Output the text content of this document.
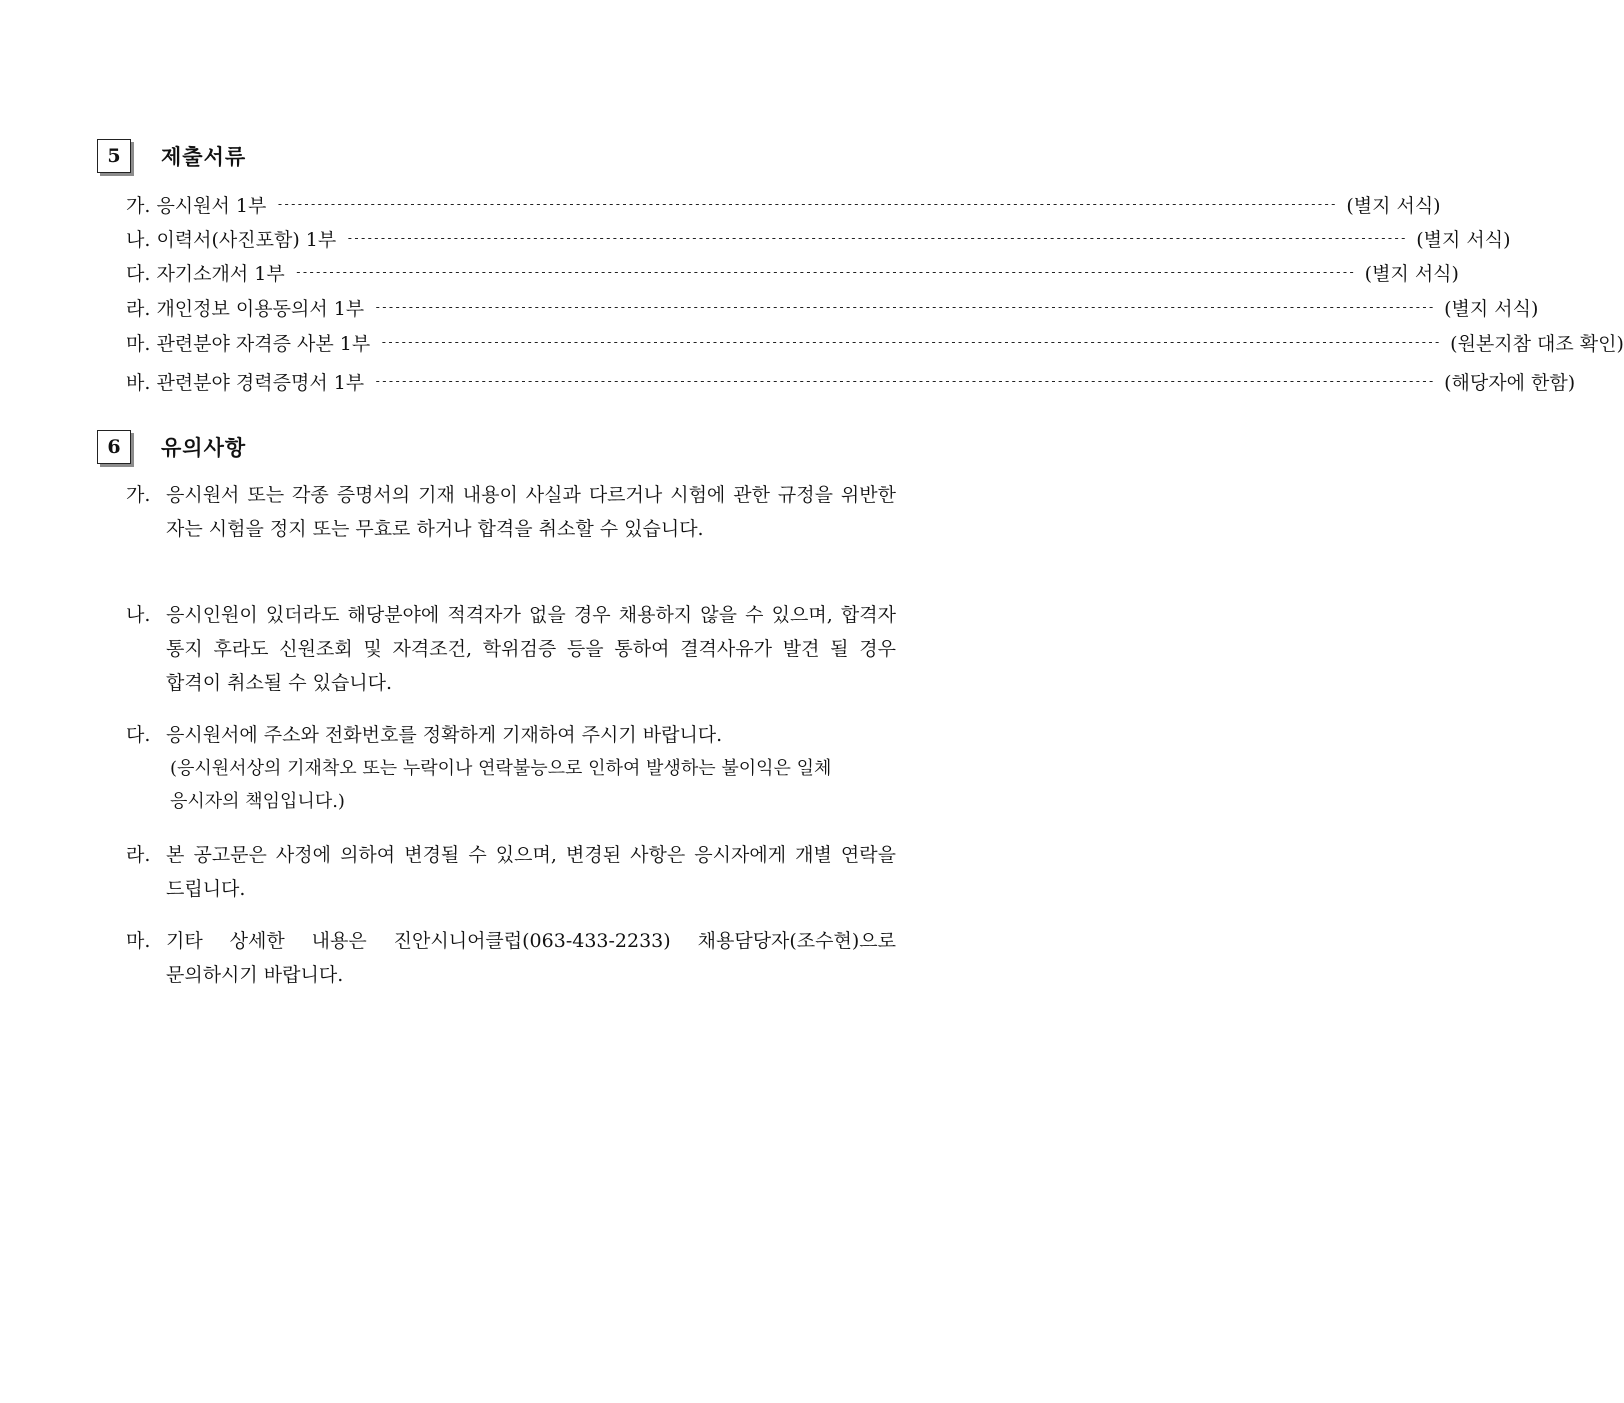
5	제출서류
가.
응시원서 1부 ---------------------------------------------------------------------------------------------------------------------------------------------------------------- (별지 서식)
나.
이력서(사진포함) 1부 ---------------------------------------------------------------------------------------------------------------------------------------------------------------- (별지 서식)
다.
자기소개서 1부 ---------------------------------------------------------------------------------------------------------------------------------------------------------------- (별지 서식)
라.
개인정보 이용동의서 1부 ---------------------------------------------------------------------------------------------------------------------------------------------------------------- (별지 서식)
마.
관련분야 자격증 사본 1부 ---------------------------------------------------------------------------------------------------------------------------------------------------------------- (원본지참 대조 확인)
바.
관련분야 경력증명서 1부 ---------------------------------------------------------------------------------------------------------------------------------------------------------------- (해당자에 한함)
6	유의사항
가. 응시원서 또는 각종 증명서의 기재 내용이 사실과 다르거나 시험에 관한 규정을 위반한 자는 시험을 정지 또는 무효로 하거나 합격을 취소할 수 있습니다.
나. 응시인원이 있더라도 해당분야에 적격자가 없을 경우 채용하지 않을 수 있으며, 합격자 통지 후라도 신원조회 및 자격조건, 학위검증 등을 통하여 결격사유가 발견 될 경우 합격이 취소될 수 있습니다.
다. 응시원서에 주소와 전화번호를 정확하게 기재하여 주시기 바랍니다.
(응시원서상의 기재착오 또는 누락이나 연락불능으로 인하여 발생하는 불이익은 일체 응시자의 책임입니다.)
라. 본 공고문은 사정에 의하여 변경될 수 있으며, 변경된 사항은 응시자에게 개별 연락을 드립니다.
마. 기타 상세한 내용은 진안시니어클럽(063-433-2233) 채용담당자(조수현)으로 문의하시기 바랍니다.
